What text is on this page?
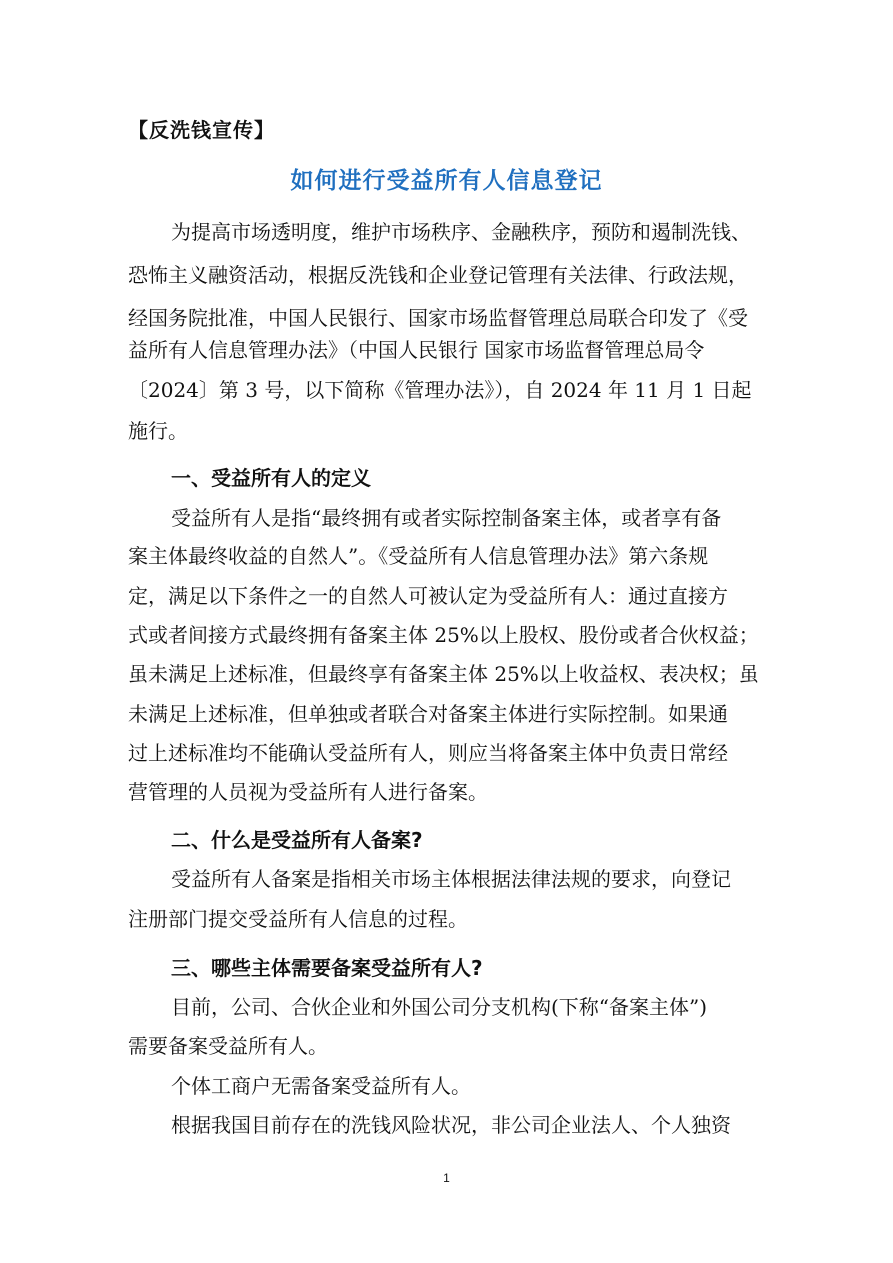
【反洗钱宣传】
如何进行受益所有人信息登记
为提高市场透明度，维护市场秩序、金融秩序，预防和遏制洗钱、
恐怖主义融资活动，根据反洗钱和企业登记管理有关法律、行政法规，
经国务院批准，中国人民银行、国家市场监督管理总局联合印发了《受
益所有人信息管理办法》（中国人民银行 国家市场监督管理总局令
〔2024〕第 3 号，以下简称《管理办法》），自 2024 年 11 月 1 日起
施行。
一、受益所有人的定义
受益所有人是指“最终拥有或者实际控制备案主体，或者享有备
案主体最终收益的自然人”。《受益所有人信息管理办法》第六条规
定，满足以下条件之一的自然人可被认定为受益所有人：通过直接方
式或者间接方式最终拥有备案主体 25%以上股权、股份或者合伙权益；
虽未满足上述标准，但最终享有备案主体 25%以上收益权、表决权；虽
未满足上述标准，但单独或者联合对备案主体进行实际控制。如果通
过上述标准均不能确认受益所有人，则应当将备案主体中负责日常经
营管理的人员视为受益所有人进行备案。
二、什么是受益所有人备案?
受益所有人备案是指相关市场主体根据法律法规的要求，向登记
注册部门提交受益所有人信息的过程。
三、哪些主体需要备案受益所有人?
目前，公司、合伙企业和外国公司分支机构(下称“备案主体”)
需要备案受益所有人。
个体工商户无需备案受益所有人。
根据我国目前存在的洗钱风险状况，非公司企业法人、个人独资
1
